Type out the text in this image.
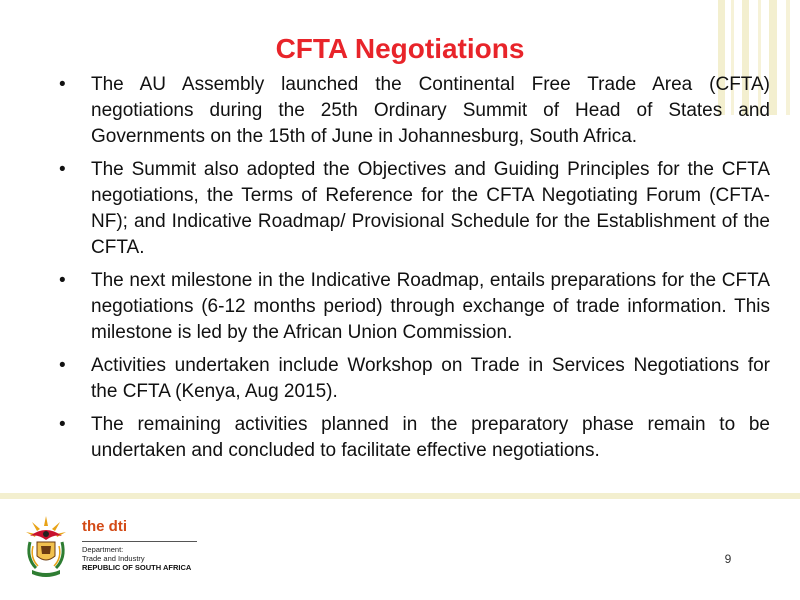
CFTA Negotiations
• The AU Assembly launched the Continental Free Trade Area (CFTA) negotiations during the 25th Ordinary Summit of Head of States and Governments on the 15th of June in Johannesburg, South Africa.
• The Summit also adopted the Objectives and Guiding Principles for the CFTA negotiations, the Terms of Reference for the CFTA Negotiating Forum (CFTA-NF); and Indicative Roadmap/ Provisional Schedule for the Establishment of the CFTA.
• The next milestone in the Indicative Roadmap, entails preparations for the CFTA negotiations (6-12 months period) through exchange of trade information. This milestone is led by the African Union Commission.
• Activities undertaken include Workshop on Trade in Services Negotiations for the CFTA (Kenya, Aug 2015).
• The remaining activities planned in the preparatory phase remain to be undertaken and concluded to facilitate effective negotiations.
the dti
Department:
Trade and Industry
REPUBLIC OF SOUTH AFRICA
9
